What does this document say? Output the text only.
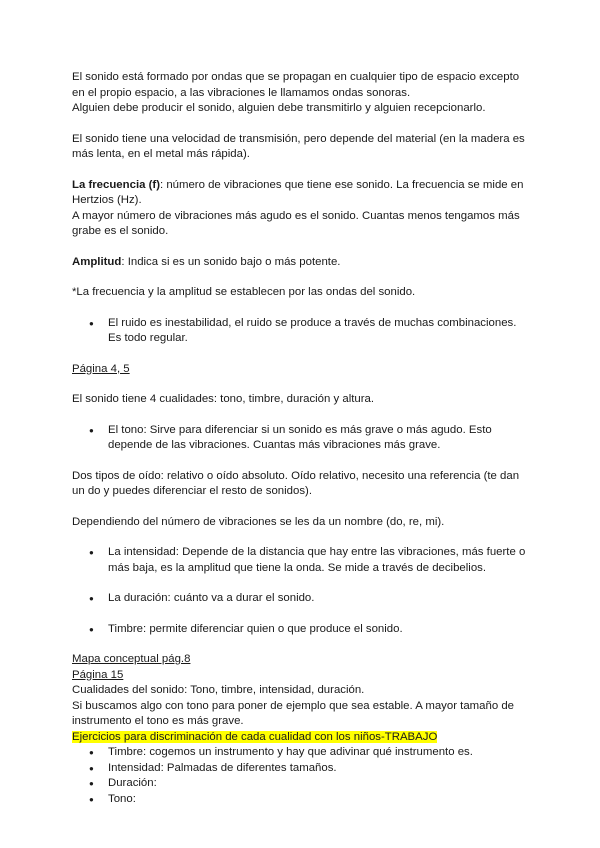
El sonido está formado por ondas que se propagan en cualquier tipo de espacio excepto en el propio espacio, a las vibraciones le llamamos ondas sonoras.

Alguien debe producir el sonido, alguien debe transmitirlo y alguien recepcionarlo.

El sonido tiene una velocidad de transmisión, pero depende del material (en la madera es más lenta, en el metal más rápida).

La frecuencia (f): número de vibraciones que tiene ese sonido. La frecuencia se mide en Hertzios (Hz).

A mayor número de vibraciones más agudo es el sonido. Cuantas menos tengamos más grabe es el sonido.

Amplitud: Indica si es un sonido bajo o más potente.

*La frecuencia y la amplitud se establecen por las ondas del sonido.

● El ruido es inestabilidad, el ruido se produce a través de muchas combinaciones. Es todo regular.

Página 4, 5

El sonido tiene 4 cualidades: tono, timbre, duración y altura.

● El tono: Sirve para diferenciar si un sonido es más grave o más agudo. Esto depende de las vibraciones. Cuantas más vibraciones más grave.

Dos tipos de oído: relativo o oído absoluto. Oído relativo, necesito una referencia (te dan un do y puedes diferenciar el resto de sonidos).

Dependiendo del número de vibraciones se les da un nombre (do, re, mi).

● La intensidad: Depende de la distancia que hay entre las vibraciones, más fuerte o más baja, es la amplitud que tiene la onda. Se mide a través de decibelios.
● La duración: cuánto va a durar el sonido.
● Timbre: permite diferenciar quien o que produce el sonido.

Mapa conceptual pág.8

Página 15

Cualidades del sonido: Tono, timbre, intensidad, duración.

Si buscamos algo con tono para poner de ejemplo que sea estable. A mayor tamaño de instrumento el tono es más grave.

Ejercicios para discriminación de cada cualidad con los niños-TRABAJO

● Timbre: cogemos un instrumento y hay que adivinar qué instrumento es.
● Intensidad: Palmadas de diferentes tamaños.
● Duración:
● Tono:
